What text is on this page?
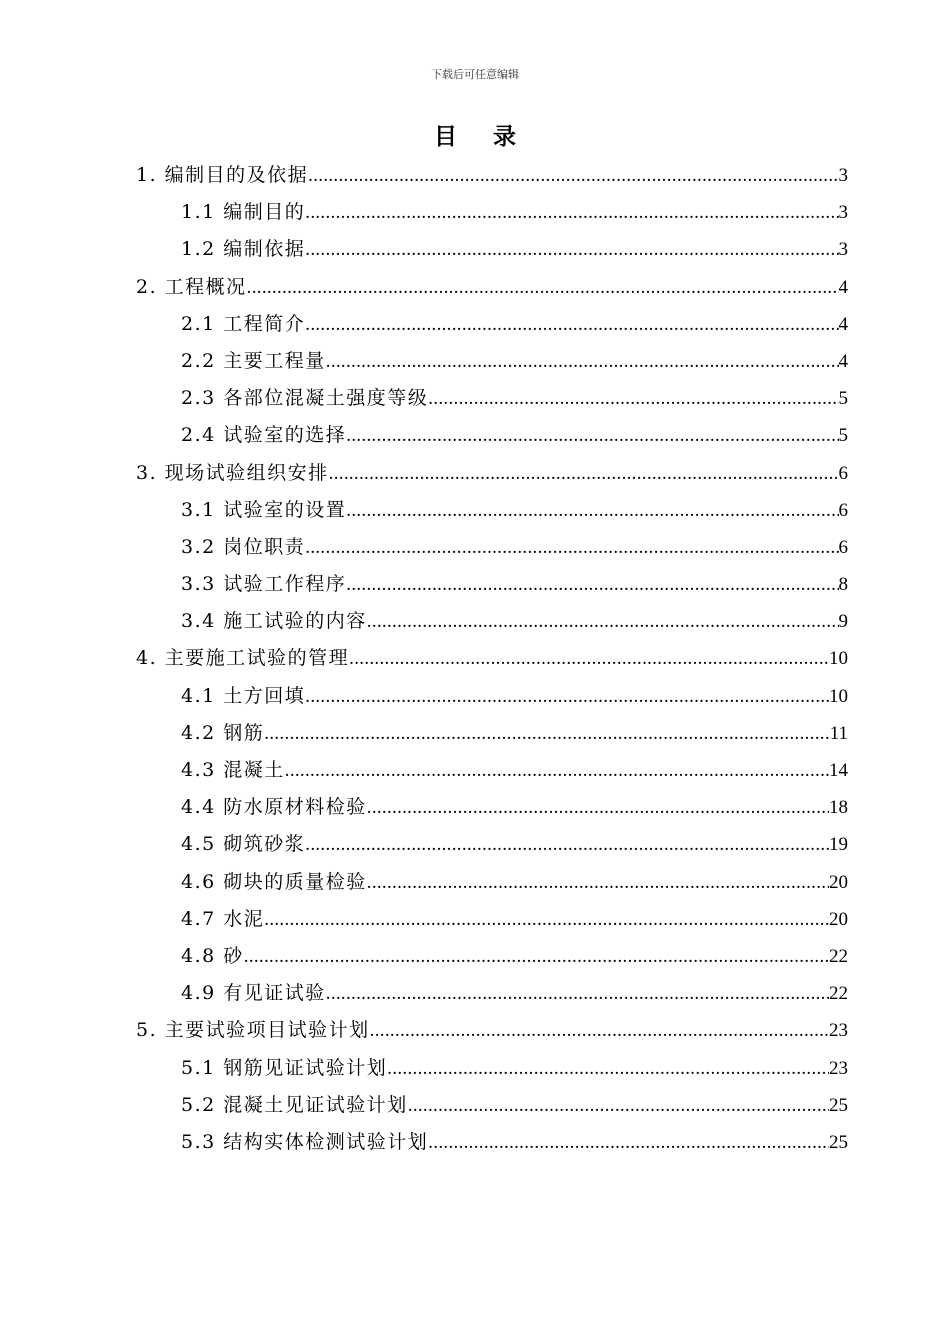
下载后可任意编辑
目 录
1. 编制目的及依据 .....	3
1.1 编制目的 .....	3
1.2 编制依据 .....	3
2. 工程概况 .....	4
2.1 工程简介 .....	4
2.2 主要工程量 .....	4
2.3 各部位混凝土强度等级 .....	5
2.4 试验室的选择 .....	5
3. 现场试验组织安排 .....	6
3.1 试验室的设置 .....	6
3.2 岗位职责 .....	6
3.3 试验工作程序 .....	8
3.4 施工试验的内容 .....	9
4. 主要施工试验的管理 .....	10
4.1 土方回填 .....	10
4.2 钢筋 .....	11
4.3 混凝土 .....	14
4.4 防水原材料检验 .....	18
4.5 砌筑砂浆 .....	19
4.6 砌块的质量检验 .....	20
4.7 水泥 .....	20
4.8 砂 .....	22
4.9 有见证试验 .....	22
5. 主要试验项目试验计划 .....	23
5.1 钢筋见证试验计划 .....	23
5.2 混凝土见证试验计划 .....	25
5.3 结构实体检测试验计划 .....	25
